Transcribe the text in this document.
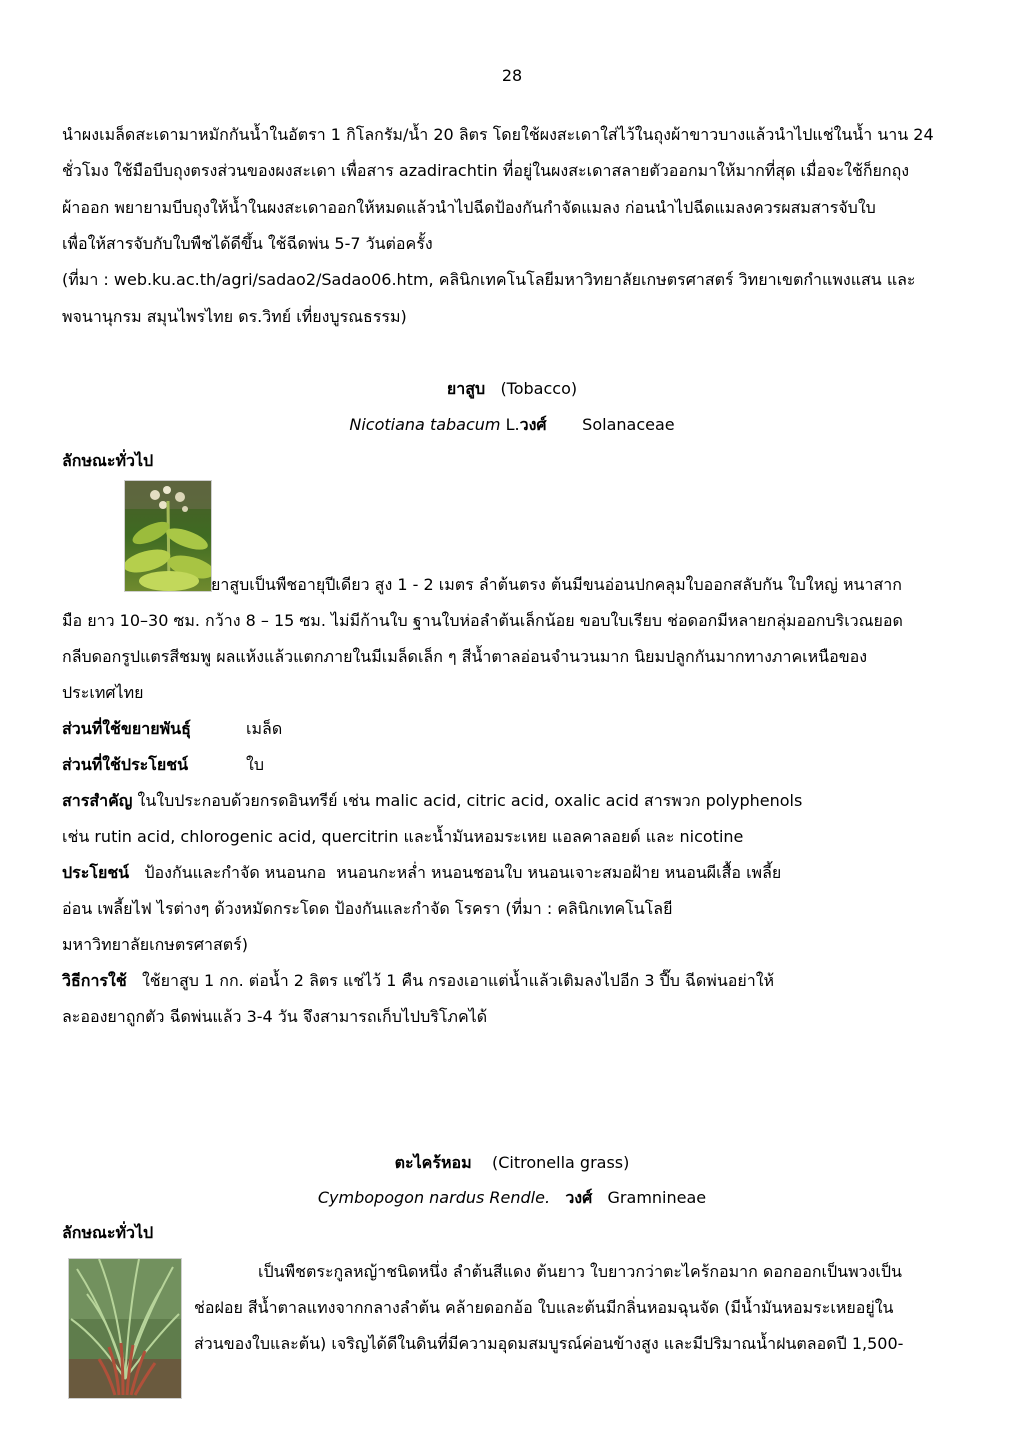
28
นำผงเมล็ดสะเดามาหมักกันน้ำในอัตรา 1 กิโลกรัม/น้ำ 20 ลิตร โดยใช้ผงสะเดาใส่ไว้ในถุงผ้าขาวบางแล้วนำไปแช่ในน้ำ นาน 24
ชั่วโมง ใช้มือบีบถุงตรงส่วนของผงสะเดา เพื่อสาร azadirachtin ที่อยู่ในผงสะเดาสลายตัวออกมาให้มากที่สุด เมื่อจะใช้ก็ยกถุง
ผ้าออก พยายามบีบถุงให้น้ำในผงสะเดาออกให้หมดแล้วนำไปฉีดป้องกันกำจัดแมลง ก่อนนำไปฉีดแมลงควรผสมสารจับใบ
เพื่อให้สารจับกับใบพืชได้ดีขึ้น ใช้ฉีดพ่น 5-7 วันต่อครั้ง
(ที่มา : web.ku.ac.th/agri/sadao2/Sadao06.htm, คลินิกเทคโนโลยีมหาวิทยาลัยเกษตรศาสตร์ วิทยาเขตกำแพงแสน และ
พจนานุกรม สมุนไพรไทย ดร.วิทย์ เที่ยงบูรณธรรม)
ยาสูบ (Tobacco)
Nicotiana tabacum L.วงศ์ Solanaceae
ลักษณะทั่วไป
ยาสูบเป็นพืชอายุปีเดียว สูง 1 - 2 เมตร ลำต้นตรง ต้นมีขนอ่อนปกคลุมใบออกสลับกัน ใบใหญ่ หนาสาก
มือ ยาว 10–30 ซม. กว้าง 8 – 15 ซม. ไม่มีก้านใบ ฐานใบห่อลำต้นเล็กน้อย ขอบใบเรียบ ช่อดอกมีหลายกลุ่มออกบริเวณยอด
กลีบดอกรูปแตรสีชมพู ผลแห้งแล้วแตกภายในมีเมล็ดเล็ก ๆ สีน้ำตาลอ่อนจำนวนมาก นิยมปลูกกันมากทางภาคเหนือของ
ประเทศไทย
ส่วนที่ใช้ขยายพันธุ์	เมล็ด
ส่วนที่ใช้ประโยชน์	ใบ
สารสำคัญ ในใบประกอบด้วยกรดอินทรีย์ เช่น malic acid, citric acid, oxalic acid สารพวก polyphenols
เช่น rutin acid, chlorogenic acid, quercitrin และน้ำมันหอมระเหย แอลคาลอยด์ และ nicotine
ประโยชน์   ป้องกันและกำจัด หนอนกอ  หนอนกะหล่ำ หนอนชอนใบ หนอนเจาะสมอฝ้าย หนอนผีเสื้อ เพลี้ย
อ่อน เพลี้ยไฟ ไรต่างๆ ด้วงหมัดกระโดด ป้องกันและกำจัด โรครา (ที่มา : คลินิกเทคโนโลยี
มหาวิทยาลัยเกษตรศาสตร์)
วิธีการใช้   ใช้ยาสูบ 1 กก. ต่อน้ำ 2 ลิตร แช่ไว้ 1 คืน กรองเอาแต่น้ำแล้วเติมลงไปอีก 3 ปี๊บ ฉีดพ่นอย่าให้
ละอองยาถูกตัว ฉีดพ่นแล้ว 3-4 วัน จึงสามารถเก็บไปบริโภคได้
ตะไคร้หอม (Citronella grass)
Cymbopogon nardus Rendle. วงศ์ Gramnineae
ลักษณะทั่วไป
เป็นพืชตระกูลหญ้าชนิดหนึ่ง ลำต้นสีแดง ต้นยาว ใบยาวกว่าตะไคร้กอมาก ดอกออกเป็นพวงเป็น
ช่อฝอย สีน้ำตาลแทงจากกลางลำต้น คล้ายดอกอ้อ ใบและต้นมีกลิ่นหอมฉุนจัด (มีน้ำมันหอมระเหยอยู่ใน
ส่วนของใบและต้น) เจริญได้ดีในดินที่มีความอุดมสมบูรณ์ค่อนข้างสูง และมีปริมาณน้ำฝนตลอดปี 1,500-
